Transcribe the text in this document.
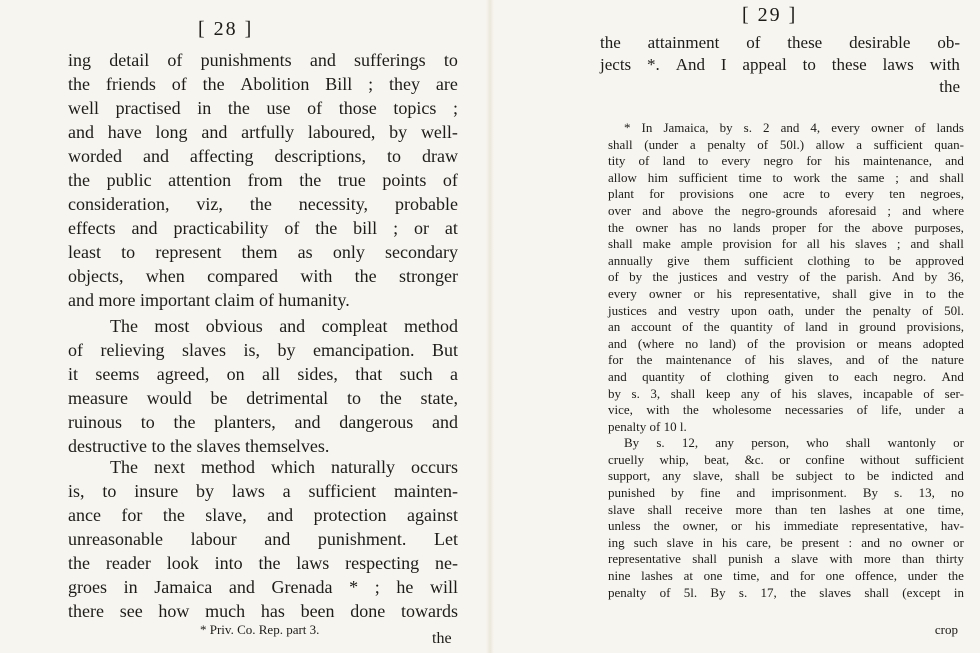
[ 28 ]
ing detail of punishments and sufferings to
the friends of the Abolition Bill ; they are
well practised in the use of those topics ;
and have long and artfully laboured, by well-
worded and affecting descriptions, to draw
the public attention from the true points of
consideration, viz, the necessity, probable
effects and practicability of the bill ; or at
least to represent them as only secondary
objects, when compared with the stronger
and more important claim of humanity.
The most obvious and compleat method
of relieving slaves is, by emancipation. But
it seems agreed, on all sides, that such a
measure would be detrimental to the state,
ruinous to the planters, and dangerous and
destructive to the slaves themselves.
The next method which naturally occurs
is, to insure by laws a sufficient mainten-
ance for the slave, and protection against
unreasonable labour and punishment. Let
the reader look into the laws respecting ne-
groes in Jamaica and Grenada * ; he will
there see how much has been done towards
* Priv. Co. Rep. part 3.
the
[ 29 ]
the attainment of these desirable ob-
jects *. And I appeal to these laws with
the
* In Jamaica, by s. 2 and 4, every owner of lands
shall (under a penalty of 50l.) allow a sufficient quan-
tity of land to every negro for his maintenance, and
allow him sufficient time to work the same ; and shall
plant for provisions one acre to every ten negroes,
over and above the negro-grounds aforesaid ; and where
the owner has no lands proper for the above purposes,
shall make ample provision for all his slaves ; and shall
annually give them sufficient clothing to be approved
of by the justices and vestry of the parish. And by 36,
every owner or his representative, shall give in to the
justices and vestry upon oath, under the penalty of 50l.
an account of the quantity of land in ground provisions,
and (where no land) of the provision or means adopted
for the maintenance of his slaves, and of the nature
and quantity of clothing given to each negro. And
by s. 3, shall keep any of his slaves, incapable of ser-
vice, with the wholesome necessaries of life, under a
penalty of 10 l.
By s. 12, any person, who shall wantonly or
cruelly whip, beat, &c. or confine without sufficient
support, any slave, shall be subject to be indicted and
punished by fine and imprisonment. By s. 13, no
slave shall receive more than ten lashes at one time,
unless the owner, or his immediate representative, hav-
ing such slave in his care, be present : and no owner or
representative shall punish a slave with more than thirty
nine lashes at one time, and for one offence, under the
penalty of 5l. By s. 17, the slaves shall (except in
crop
